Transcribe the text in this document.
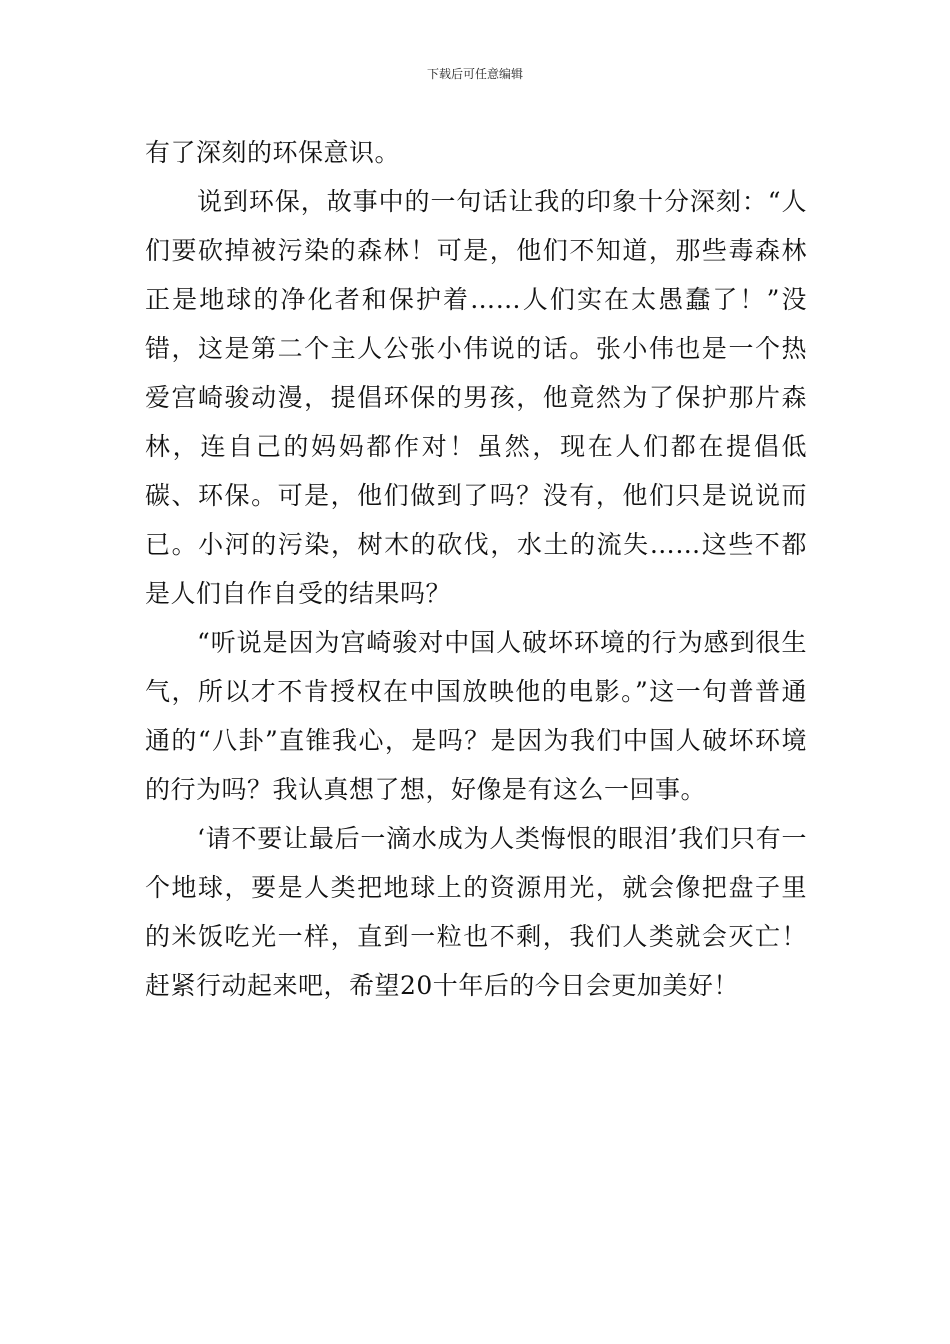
下载后可任意编辑

有了深刻的环保意识。

说到环保，故事中的一句话让我的印象十分深刻：“人们要砍掉被污染的森林！可是，他们不知道，那些毒森林正是地球的净化者和保护着……人们实在太愚蠢了！”没错，这是第二个主人公张小伟说的话。张小伟也是一个热爱宫崎骏动漫，提倡环保的男孩，他竟然为了保护那片森林，连自己的妈妈都作对！虽然，现在人们都在提倡低碳、环保。可是，他们做到了吗？没有，他们只是说说而已。小河的污染，树木的砍伐，水土的流失……这些不都是人们自作自受的结果吗？

“听说是因为宫崎骏对中国人破坏环境的行为感到很生气，所以才不肯授权在中国放映他的电影。”这一句普普通通的“八卦”直锥我心，是吗？是因为我们中国人破坏环境的行为吗？我认真想了想，好像是有这么一回事。

‘请不要让最后一滴水成为人类悔恨的眼泪’我们只有一个地球，要是人类把地球上的资源用光，就会像把盘子里的米饭吃光一样，直到一粒也不剩，我们人类就会灭亡！赶紧行动起来吧，希望20十年后的今日会更加美好！
